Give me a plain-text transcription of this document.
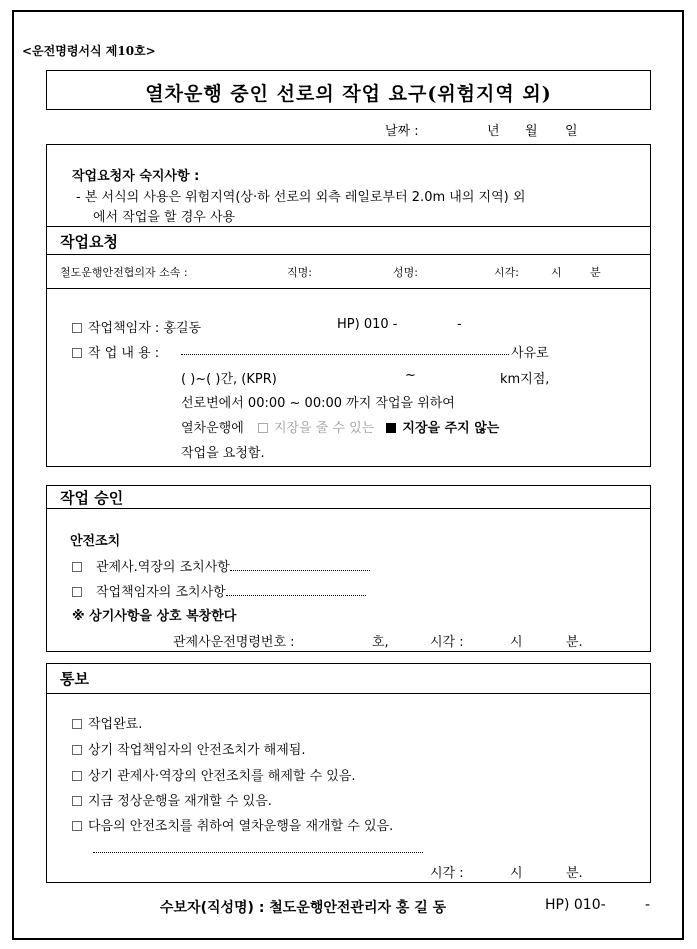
<운전명령서식 제10호>
열차운행 중인 선로의 작업 요구(위험지역 외)
날짜 :	년 월 일
작업요청자 숙지사항 :
- 본 서식의 사용은 위험지역(상·하 선로의 외측 레일로부터 2.0m 내의 지역) 외
에서 작업을 할 경우 사용
작업요청
철도운행안전협의자 소속 :	직명:	성명:	시각:	시	분
작업책임자 : 홍길동	HP) 010 -	-
작 업 내 용 :	사유로
( )~( )간, (KPR)	~	km지점,
선로변에서 00:00 ~ 00:00 까지 작업을 위하여
열차운행에 지장을 줄 수 있는 지장을 주지 않는
작업을 요청함.
작업 승인
안전조치
관제사.역장의 조치사항
작업책임자의 조치사항
※ 상기사항을 상호 복창한다
관제사운전명령번호 :	호,	시각 :	시	분.
통보
작업완료.
상기 작업책임자의 안전조치가 해제됨.
상기 관제사·역장의 안전조치를 해제할 수 있음.
지금 정상운행을 재개할 수 있음.
다음의 안전조치를 취하여 열차운행을 재개할 수 있음.
시각 :	시	분.
수보자(직성명) : 철도운행안전관리자 홍 길 동	HP) 010-	-
